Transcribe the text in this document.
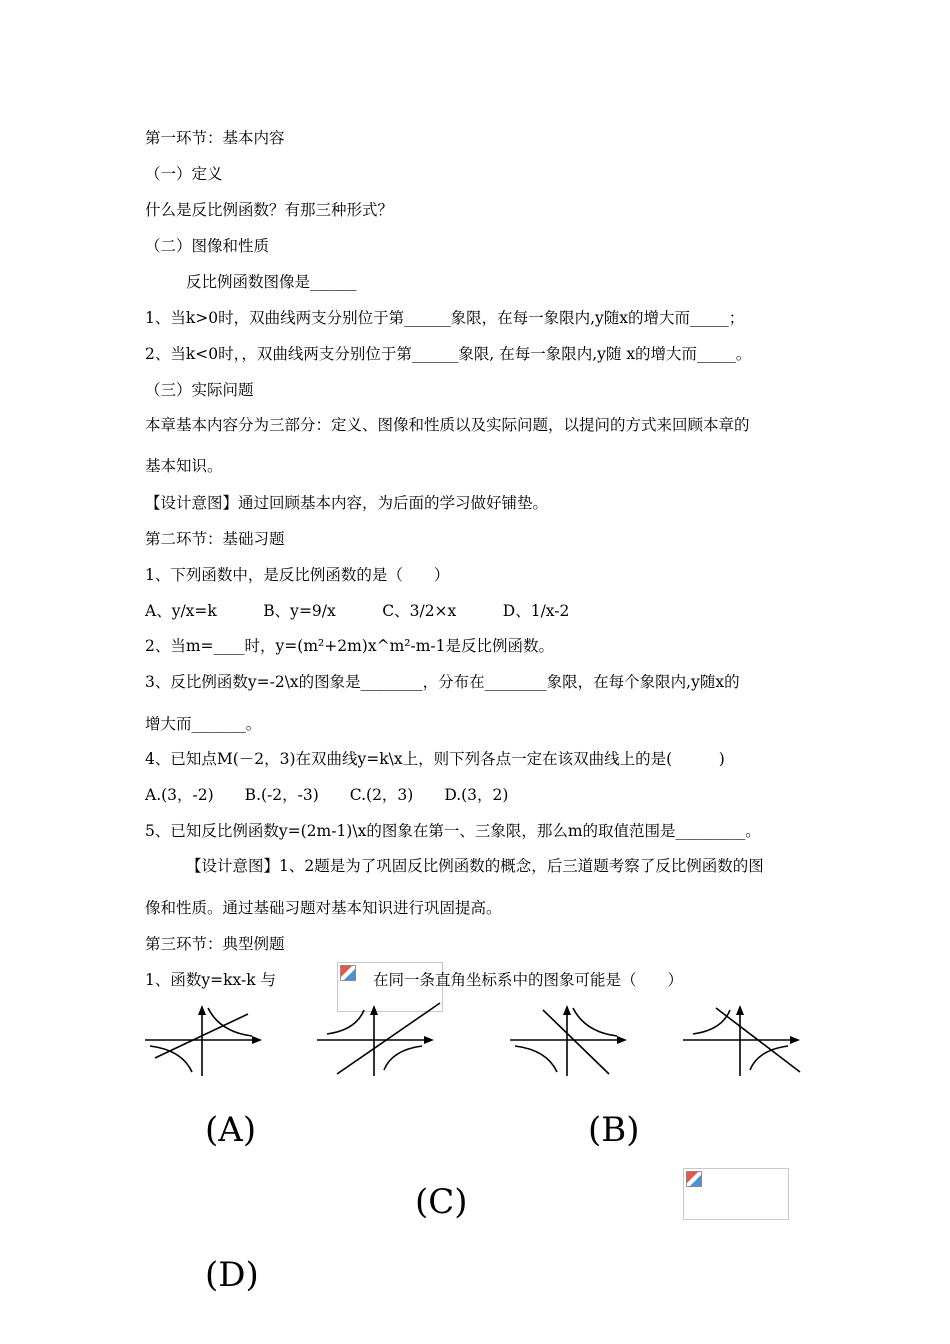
第一环节：基本内容
（一）定义
什么是反比例函数？有那三种形式？
（二）图像和性质
反比例函数图像是______
1、当k>0时，双曲线两支分别位于第______象限，在每一象限内,y随x的增大而_____；
2、当k<0时，，双曲线两支分别位于第______象限, 在每一象限内,y随 x的增大而_____。
（三）实际问题
本章基本内容分为三部分：定义、图像和性质以及实际问题，以提问的方式来回顾本章的
基本知识。
【设计意图】通过回顾基本内容，为后面的学习做好铺垫。
第二环节：基础习题
1、下列函数中，是反比例函数的是（　　）
A、y/x=k　　　B、y=9/x　　　C、3/2×x　　　D、1/x-2
2、当m=____时，y=(m²+2m)x^m²-m-1是反比例函数。
3、反比例函数y=-2\x的图象是________，分布在________象限，在每个象限内,y随x的
增大而_______。
4、已知点M(－2，3)在双曲线y=k\x上，则下列各点一定在该双曲线上的是(　　　)
A.(3，-2)　　B.(-2，-3)　　C.(2，3)　　D.(3，2)
5、已知反比例函数y=(2m-1)\x的图象在第一、三象限，那么m的取值范围是_________。
【设计意图】1、2题是为了巩固反比例函数的概念，后三道题考察了反比例函数的图
像和性质。通过基础习题对基本知识进行巩固提高。
第三环节：典型例题
1、函数y=kx-k 与	在同一条直角坐标系中的图象可能是（　　）
(A)	(B)
(C)
(D)
